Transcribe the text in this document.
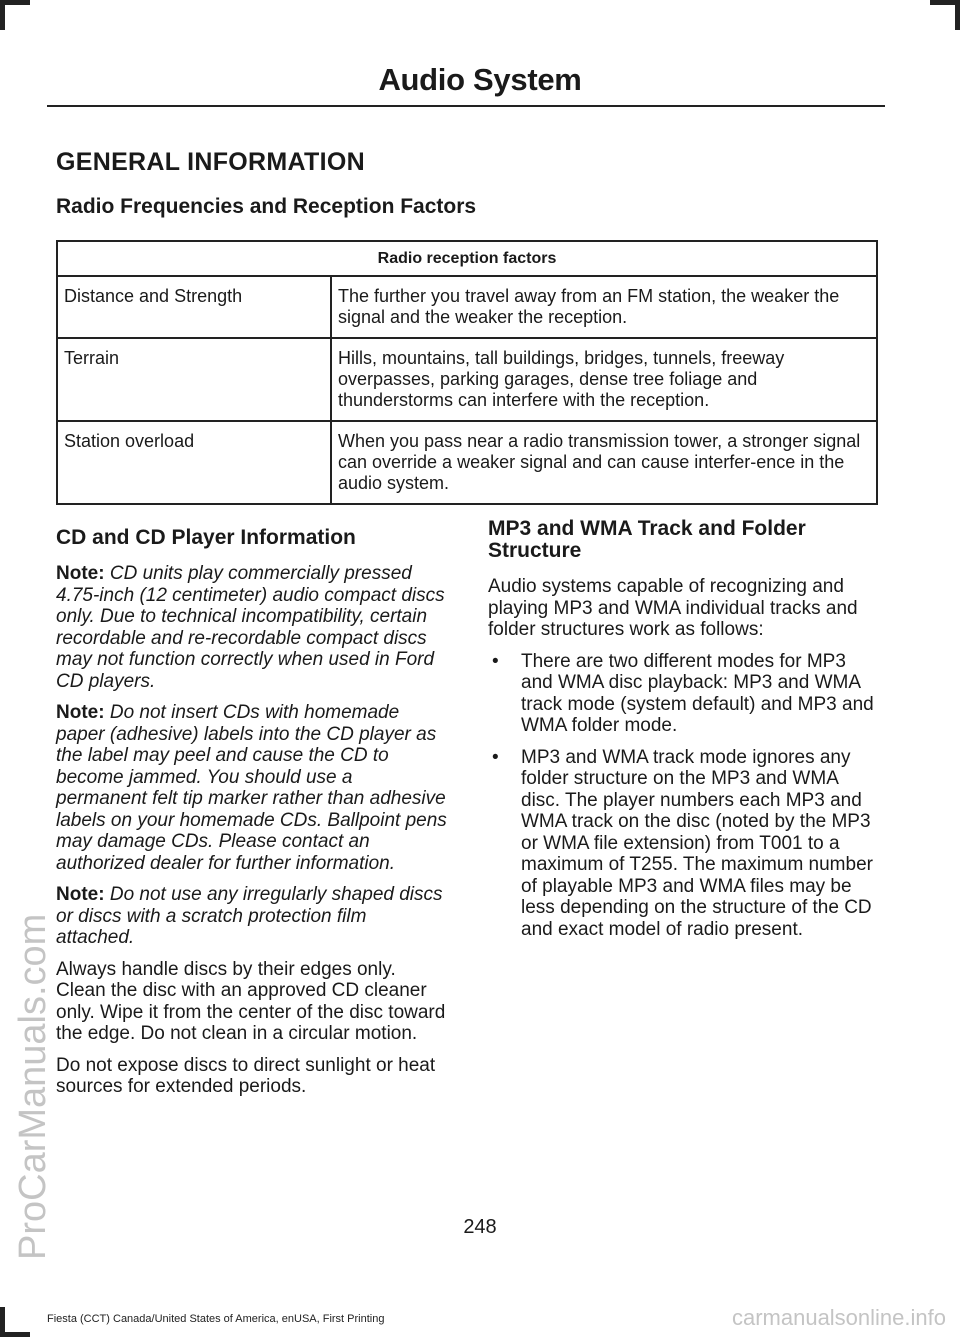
Audio System
GENERAL INFORMATION
Radio Frequencies and Reception Factors
Radio reception factors	
Distance and Strength	The further you travel away from an FM station, the weaker the signal and the weaker the reception.
Terrain	Hills, mountains, tall buildings, bridges, tunnels, freeway overpasses, parking garages, dense tree foliage and thunderstorms can interfere with the reception.
Station overload	When you pass near a radio transmission tower, a stronger signal can override a weaker signal and can cause interfer-ence in the audio system.
CD and CD Player Information

Note: CD units play commercially pressed 4.75-inch (12 centimeter) audio compact discs only. Due to technical incompatibility, certain recordable and re-recordable compact discs may not function correctly when used in Ford CD players.

Note: Do not insert CDs with homemade paper (adhesive) labels into the CD player as the label may peel and cause the CD to become jammed. You should use a permanent felt tip marker rather than adhesive labels on your homemade CDs. Ballpoint pens may damage CDs. Please contact an authorized dealer for further information.

Note: Do not use any irregularly shaped discs or discs with a scratch protection film attached.

Always handle discs by their edges only. Clean the disc with an approved CD cleaner only. Wipe it from the center of the disc toward the edge. Do not clean in a circular motion.

Do not expose discs to direct sunlight or heat sources for extended periods.

MP3 and WMA Track and Folder Structure

Audio systems capable of recognizing and playing MP3 and WMA individual tracks and folder structures work as follows:

• There are two different modes for MP3 and WMA disc playback: MP3 and WMA track mode (system default) and MP3 and WMA folder mode.
• MP3 and WMA track mode ignores any folder structure on the MP3 and WMA disc. The player numbers each MP3 and WMA track on the disc (noted by the MP3 or WMA file extension) from T001 to a maximum of T255. The maximum number of playable MP3 and WMA files may be less depending on the structure of the CD and exact model of radio present.
248
Fiesta (CCT) Canada/United States of America, enUSA, First Printing
ProCarManuals.com
carmanualsonline.info
